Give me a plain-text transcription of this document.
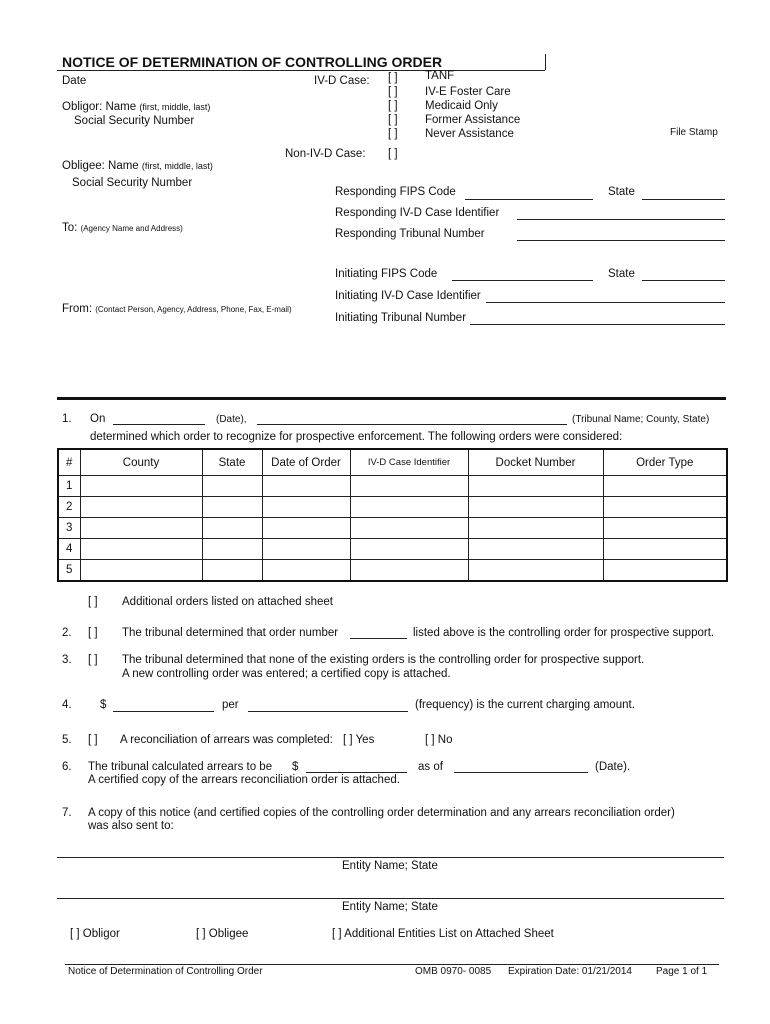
NOTICE OF DETERMINATION OF CONTROLLING ORDER
Date	IV-D Case: [ ] TANF
[ ] IV-E Foster Care
[ ] Medicaid Only
[ ] Former Assistance
[ ] Never Assistance	File Stamp
Obligor: Name (first, middle, last)
Social Security Number
Non-IV-D Case: [ ]
Obligee: Name (first, middle, last)
Social Security Number
Responding FIPS Code	State
Responding IV-D Case Identifier
To: (Agency Name and Address)	Responding Tribunal Number
Initiating FIPS Code	State
Initiating IV-D Case Identifier
From: (Contact Person, Agency, Address, Phone, Fax, E-mail)
Initiating Tribunal Number
1. On	(Date),	(Tribunal Name; County, State)
determined which order to recognize for prospective enforcement. The following orders were considered:
#	County	State	Date of Order	IV-D Case Identifier	Docket Number	Order Type
1						
2						
3						
4						
5						
[ ] Additional orders listed on attached sheet
2. [ ] The tribunal determined that order number	listed above is the controlling order for prospective support.
3. [ ] The tribunal determined that none of the existing orders is the controlling order for prospective support.
A new controlling order was entered; a certified copy is attached.
4. $	per	(frequency) is the current charging amount.
5. [ ] A reconciliation of arrears was completed: [ ] Yes	[ ] No
6. The tribunal calculated arrears to be $	as of	(Date).
A certified copy of the arrears reconciliation order is attached.
7. A copy of this notice (and certified copies of the controlling order determination and any arrears reconciliation order)
was also sent to:
Entity Name; State
Entity Name; State
[ ] Obligor	[ ] Obligee	[ ] Additional Entities List on Attached Sheet
Notice of Determination of Controlling Order	OMB 0970- 0085 Expiration Date: 01/21/2014 Page 1 of 1
